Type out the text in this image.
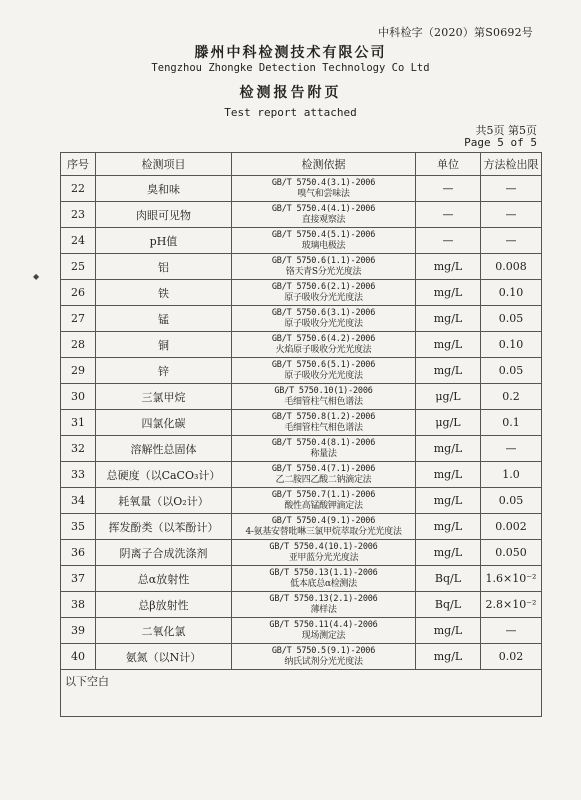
中科检字（2020）第S0692号
滕州中科检测技术有限公司
Tengzhou Zhongke Detection Technology Co Ltd
检测报告附页
Test report attached
共5页 第5页
Page 5 of 5
◆
序号	检测项目	检测依据	单位	方法检出限
22	臭和味	GB/T 5750.4(3.1)-2006
嗅气和尝味法	—	—
23	肉眼可见物	GB/T 5750.4(4.1)-2006
直接观察法	—	—
24	pH值	GB/T 5750.4(5.1)-2006
玻璃电极法	—	—
25	铝	GB/T 5750.6(1.1)-2006
铬天青S分光光度法	mg/L	0.008
26	铁	GB/T 5750.6(2.1)-2006
原子吸收分光光度法	mg/L	0.10
27	锰	GB/T 5750.6(3.1)-2006
原子吸收分光光度法	mg/L	0.05
28	铜	GB/T 5750.6(4.2)-2006
火焰原子吸收分光光度法	mg/L	0.10
29	锌	GB/T 5750.6(5.1)-2006
原子吸收分光光度法	mg/L	0.05
30	三氯甲烷	GB/T 5750.10(1)-2006
毛细管柱气相色谱法	μg/L	0.2
31	四氯化碳	GB/T 5750.8(1.2)-2006
毛细管柱气相色谱法	μg/L	0.1
32	溶解性总固体	GB/T 5750.4(8.1)-2006
称量法	mg/L	—
33	总硬度（以CaCO₃计）	GB/T 5750.4(7.1)-2006
乙二胺四乙酸二钠滴定法	mg/L	1.0
34	耗氧量（以O₂计）	GB/T 5750.7(1.1)-2006
酸性高锰酸钾滴定法	mg/L	0.05
35	挥发酚类（以苯酚计）	GB/T 5750.4(9.1)-2006
4-氨基安替吡啉三氯甲烷萃取分光光度法	mg/L	0.002
36	阴离子合成洗涤剂	GB/T 5750.4(10.1)-2006
亚甲蓝分光光度法	mg/L	0.050
37	总α放射性	GB/T 5750.13(1.1)-2006
低本底总α检测法	Bq/L	1.6×10⁻²
38	总β放射性	GB/T 5750.13(2.1)-2006
薄样法	Bq/L	2.8×10⁻²
39	二氧化氯	GB/T 5750.11(4.4)-2006
现场测定法	mg/L	—
40	氨氮（以N计）	GB/T 5750.5(9.1)-2006
纳氏试剂分光光度法	mg/L	0.02
以下空白				
